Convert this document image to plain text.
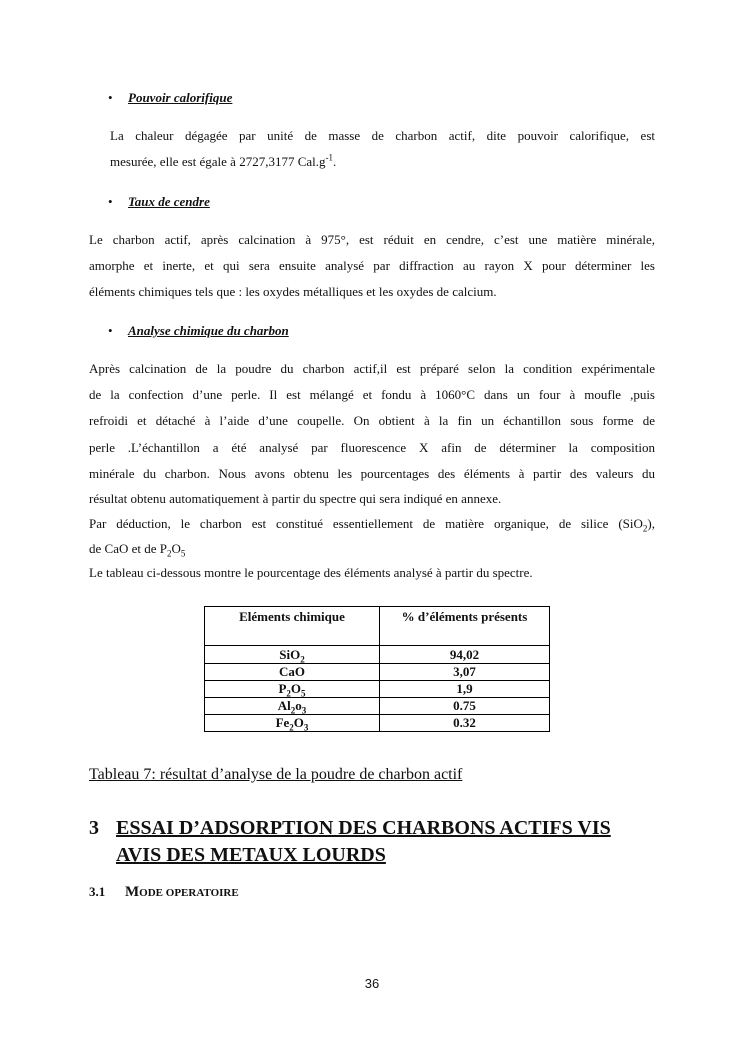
• Pouvoir calorifique
La chaleur dégagée par unité de masse de charbon actif, dite pouvoir calorifique, est
mesurée, elle est égale à 2727,3177 $Cal.g^{-1}$.
• Taux de cendre
Le charbon actif, après calcination à 975°, est réduit en cendre, c’est une matière minérale,
amorphe et inerte, et qui sera ensuite analysé par diffraction au rayon X pour déterminer les
éléments chimiques tels que : les oxydes métalliques et les oxydes de calcium.
• Analyse chimique du charbon
Après calcination de la poudre du charbon actif,il est préparé selon la condition expérimentale
de la confection d’une perle. Il est mélangé et fondu à 1060°C dans un four à moufle ,puis
refroidi et détaché à l’aide d’une coupelle. On obtient à la fin un échantillon sous forme de
perle .L’échantillon a été analysé par fluorescence X afin de déterminer la composition
minérale du charbon. Nous avons obtenu les pourcentages des éléments à partir des valeurs du
résultat obtenu automatiquement à partir du spectre qui sera indiqué en annexe.
Par déduction, le charbon est constitué essentiellement de matière organique, de silice (SiO$_2$),
de CaO et de $P_2O_5$
Le tableau ci-dessous montre le pourcentage des éléments analysé à partir du spectre.
Eléments chimique	% d’éléments présents
SiO$_2$	94,02
CaO	3,07
$P_2O_5$	1,9
$Al_2o_3$	0.75
$Fe_2O_3$	0.32
Tableau 7: résultat d’analyse de la poudre de charbon actif
3 ESSAI D’ADSORPTION DES CHARBONS ACTIFS VIS
AVIS DES METAUX LOURDS
3.1 MODE OPERATOIRE
36
